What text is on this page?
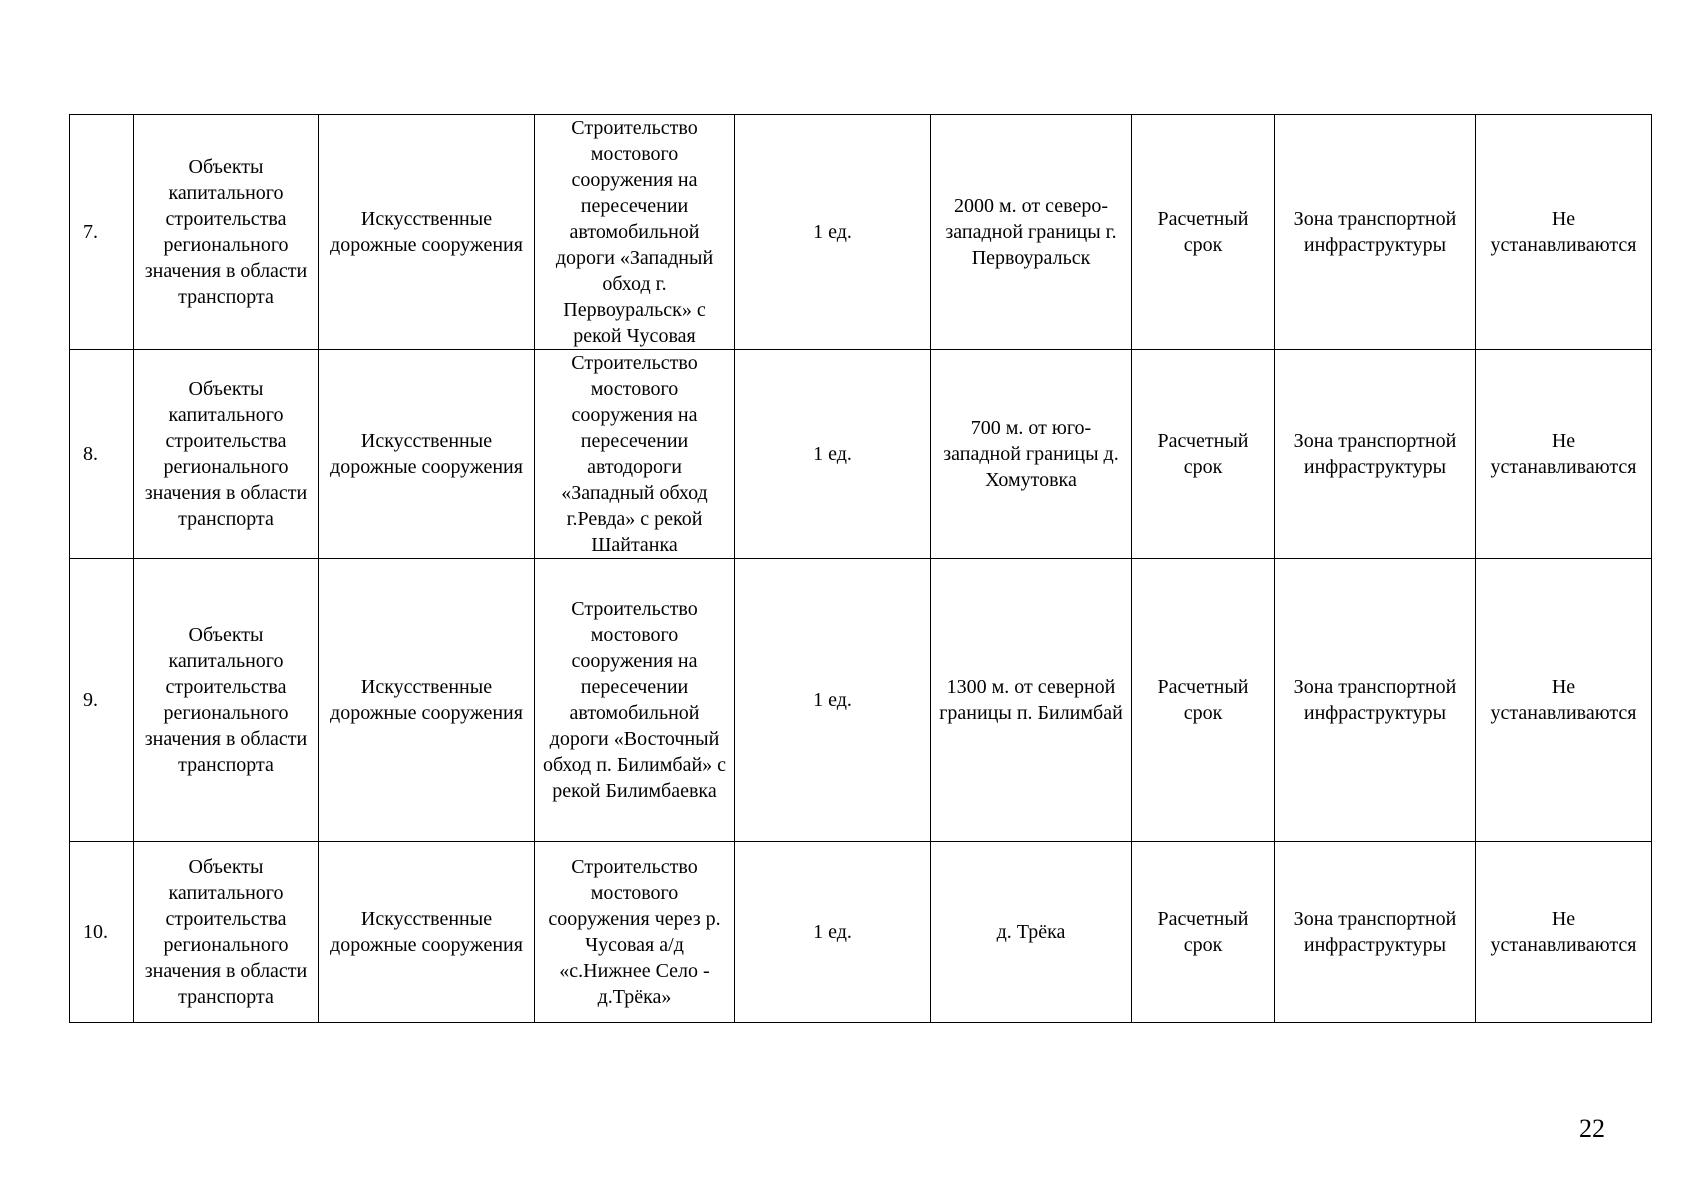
7.	Объекты капитального строительства регионального значения в области транспорта	Искусственные дорожные сооружения	Строительство мостового сооружения на пересечении автомобильной дороги «Западный обход г. Первоуральск» с рекой Чусовая	1 ед.	2000 м. от северо-западной границы г. Первоуральск	Расчетный срок	Зона транспортной инфраструктуры	Не устанавливаются
8.	Объекты капитального строительства регионального значения в области транспорта	Искусственные дорожные сооружения	Строительство мостового сооружения на пересечении автодороги «Западный обход г.Ревда» с рекой Шайтанка	1 ед.	700 м. от юго-западной границы д. Хомутовка	Расчетный срок	Зона транспортной инфраструктуры	Не устанавливаются
9.	Объекты капитального строительства регионального значения в области транспорта	Искусственные дорожные сооружения	Строительство мостового сооружения на пересечении автомобильной дороги «Восточный обход п. Билимбай» с рекой Билимбаевка	1 ед.	1300 м. от северной границы п. Билимбай	Расчетный срок	Зона транспортной инфраструктуры	Не устанавливаются
10.	Объекты капитального строительства регионального значения в области транспорта	Искусственные дорожные сооружения	Строительство мостового сооружения через р. Чусовая а/д «с.Нижнее Село - д.Трёка»	1 ед.	д. Трёка	Расчетный срок	Зона транспортной инфраструктуры	Не устанавливаются
22
